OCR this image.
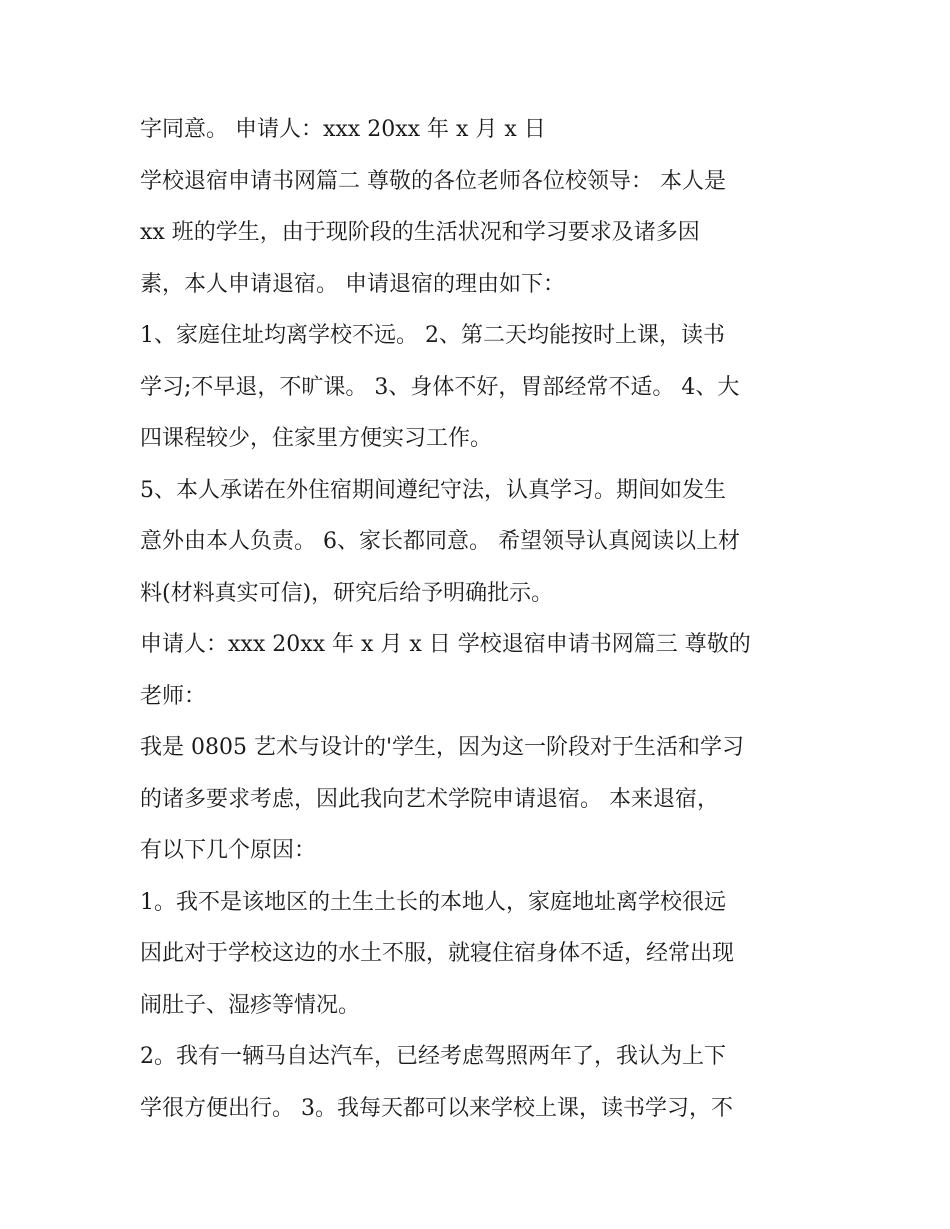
字同意。 申请人：xxx 20xx 年 x 月 x 日
学校退宿申请书网篇二 尊敬的各位老师各位校领导： 本人是
xx 班的学生，由于现阶段的生活状况和学习要求及诸多因
素，本人申请退宿。 申请退宿的理由如下：
1、家庭住址均离学校不远。 2、第二天均能按时上课，读书
学习;不早退，不旷课。 3、身体不好，胃部经常不适。 4、大
四课程较少，住家里方便实习工作。
5、本人承诺在外住宿期间遵纪守法，认真学习。期间如发生
意外由本人负责。 6、家长都同意。 希望领导认真阅读以上材
料(材料真实可信)，研究后给予明确批示。
申请人：xxx 20xx 年 x 月 x 日 学校退宿申请书网篇三 尊敬的
老师：
我是 0805 艺术与设计的'学生，因为这一阶段对于生活和学习
的诸多要求考虑，因此我向艺术学院申请退宿。 本来退宿，
有以下几个原因：
1。我不是该地区的土生土长的本地人，家庭地址离学校很远
因此对于学校这边的水土不服，就寝住宿身体不适，经常出现
闹肚子、湿疹等情况。
2。我有一辆马自达汽车，已经考虑驾照两年了，我认为上下
学很方便出行。 3。我每天都可以来学校上课，读书学习，不
